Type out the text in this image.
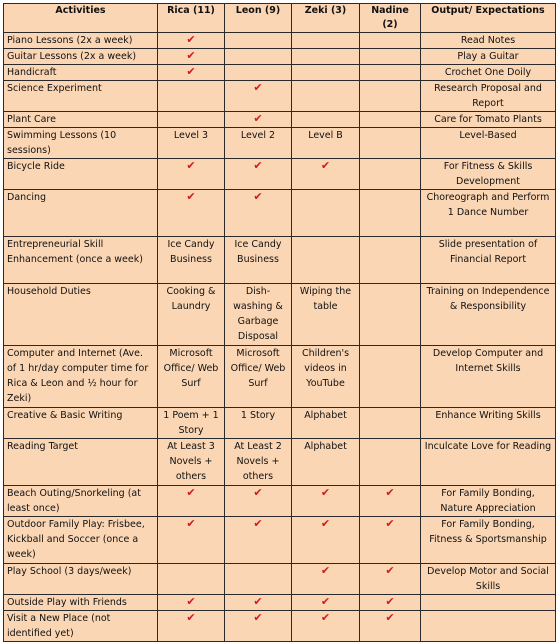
Activities	Rica (11)	Leon (9)	Zeki (3)	Nadine (2)	Output/ Expectations
Piano Lessons (2x a week)	✔				Read Notes
Guitar Lessons (2x a week)	✔				Play a Guitar
Handicraft	✔				Crochet One Doily
Science Experiment		✔			Research Proposal and Report
Plant Care		✔			Care for Tomato Plants
Swimming Lessons (10 sessions)	Level 3	Level 2	Level B		Level-Based
Bicycle Ride	✔	✔	✔		For Fitness & Skills Development
Dancing	✔	✔			Choreograph and Perform 1 Dance Number
Entrepreneurial Skill Enhancement (once a week)	Ice Candy Business	Ice Candy Business			Slide presentation of Financial Report
Household Duties	Cooking & Laundry	Dish-washing & Garbage Disposal	Wiping the table		Training on Independence & Responsibility
Computer and Internet (Ave. of 1 hr/day computer time for Rica & Leon and ½ hour for Zeki)	Microsoft Office/ Web Surf	Microsoft Office/ Web Surf	Children's videos in YouTube		Develop Computer and Internet Skills
Creative & Basic Writing	1 Poem + 1 Story	1 Story	Alphabet		Enhance Writing Skills
Reading Target	At Least 3 Novels + others	At Least 2 Novels + others	Alphabet		Inculcate Love for Reading
Beach Outing/Snorkeling (at least once)	✔	✔	✔	✔	For Family Bonding, Nature Appreciation
Outdoor Family Play: Frisbee, Kickball and Soccer (once a week)	✔	✔	✔	✔	For Family Bonding, Fitness & Sportsmanship
Play School (3 days/week)			✔	✔	Develop Motor and Social Skills
Outside Play with Friends	✔	✔	✔	✔	
Visit a New Place (not identified yet)	✔	✔	✔	✔	
